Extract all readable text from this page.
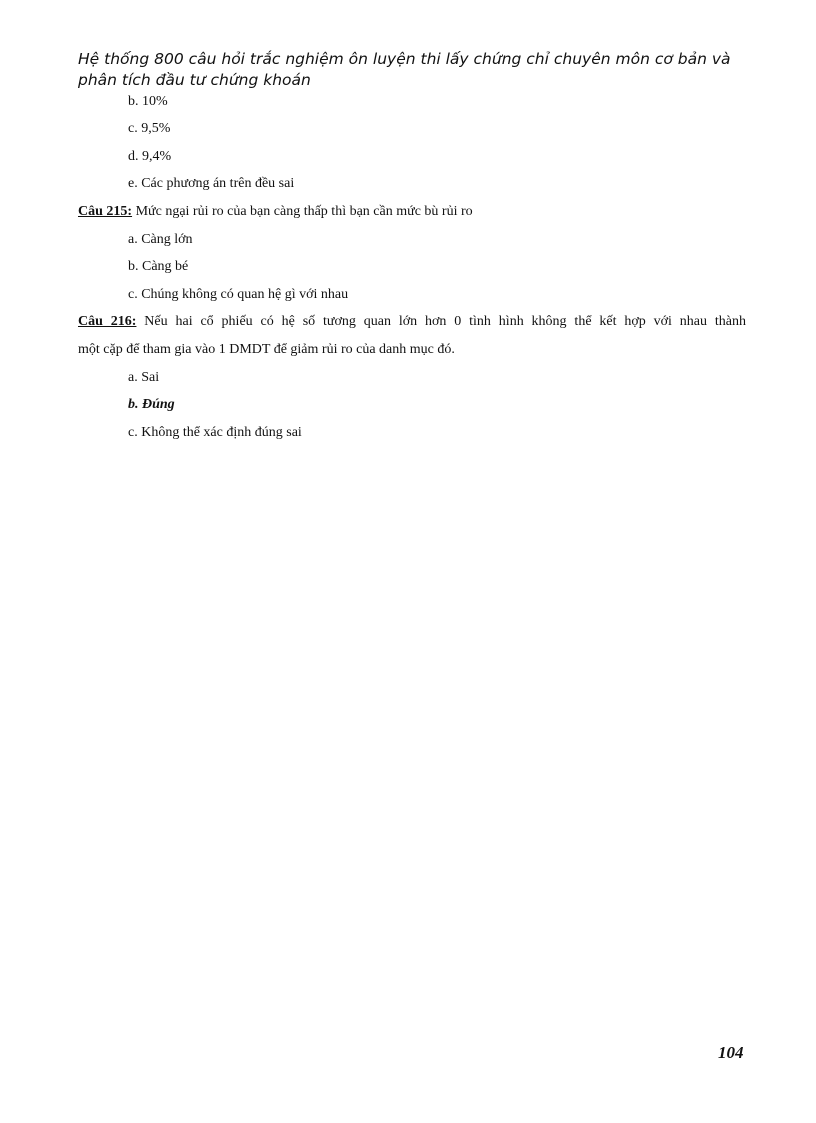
Hệ thống 800 câu hỏi trắc nghiệm ôn luyện thi lấy chứng chỉ chuyên môn cơ bản và phân tích đầu tư chứng khoán
b. 10%
c. 9,5%
d. 9,4%
e. Các phương án trên đều sai
Câu 215: Mức ngại rủi ro của bạn càng thấp thì bạn cần mức bù rủi ro
a. Càng lớn
b. Càng bé
c. Chúng không có quan hệ gì với nhau
Câu 216: Nếu hai cổ phiếu có hệ số tương quan lớn hơn 0 tình hình không thể kết hợp với nhau thành
một cặp để tham gia vào 1 DMDT để giảm rủi ro của danh mục đó.
a. Sai
b. Đúng
c. Không thể xác định đúng sai
104
